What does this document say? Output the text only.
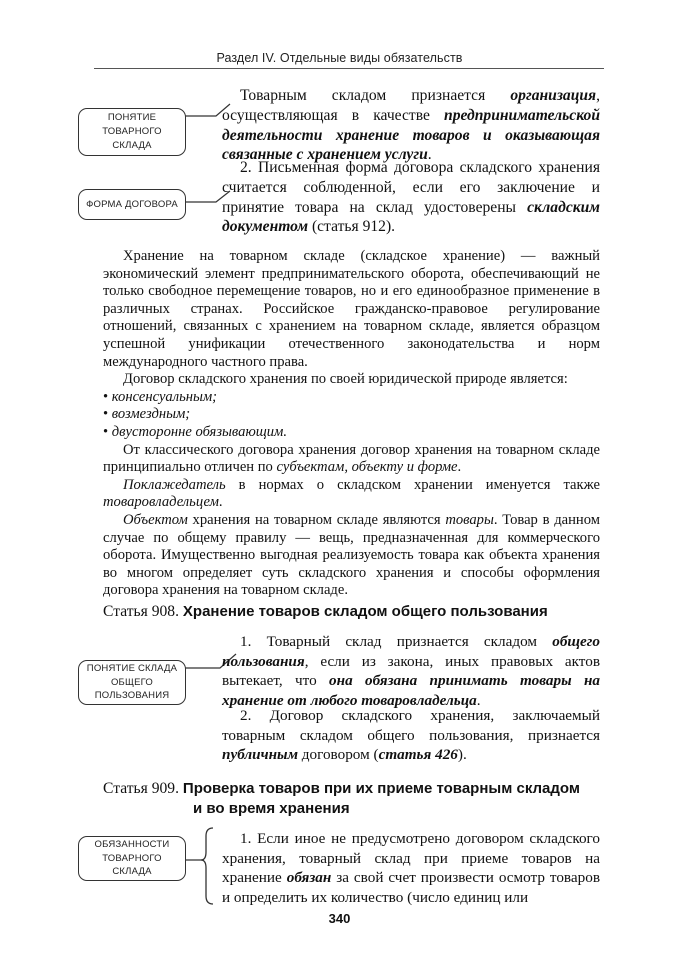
Раздел IV. Отдельные виды обязательств
ПОНЯТИЕ
ТОВАРНОГО СКЛАДА
ФОРМА ДОГОВОРА
ПОНЯТИЕ СКЛАДА
ОБЩЕГО ПОЛЬЗОВАНИЯ
ОБЯЗАННОСТИ
ТОВАРНОГО СКЛАДА

Товарным складом признается организация, осуществляющая в качестве предпринимательской деятельности хранение товаров и оказывающая связанные с хранением услуги.

2. Письменная форма договора складского хранения считается соблюденной, если его заключение и принятие товара на склад удостоверены складским документом (статья 912).

Хранение на товарном складе (складское хранение) — важный экономический элемент предпринимательского оборота, обеспечивающий не только свободное перемещение товаров, но и его единообразное применение в различных странах. Российское гражданско-правовое регулирование отношений, связанных с хранением на товарном складе, является образцом успешной унификации отечественного законодательства и норм международного частного права.

Договор складского хранения по своей юридической природе является:

• консенсуальным;
• возмездным;
• двусторонне обязывающим.

От классического договора хранения договор хранения на товарном складе принципиально отличен по субъектам, объекту и форме.

Поклажедатель в нормах о складском хранении именуется также товаровладельцем.

Объектом хранения на товарном складе являются товары. Товар в данном случае по общему правилу — вещь, предназначенная для коммерческого оборота. Имущественно выгодная реализуемость товара как объекта хранения во многом определяет суть складского хранения и способы оформления договора хранения на товарном складе.

Статья 908. Хранение товаров складом общего пользования

1. Товарный склад признается складом общего пользования, если из закона, иных правовых актов вытекает, что она обязана принимать товары на хранение от любого товаровладельца.

2. Договор складского хранения, заключаемый товарным складом общего пользования, признается публичным договором (статья 426).

Статья 909. Проверка товаров при их приеме товарным складом
и во время хранения

1. Если иное не предусмотрено договором складского хранения, товарный склад при приеме товаров на хранение обязан за свой счет произвести осмотр товаров и определить их количество (число единиц или

340
